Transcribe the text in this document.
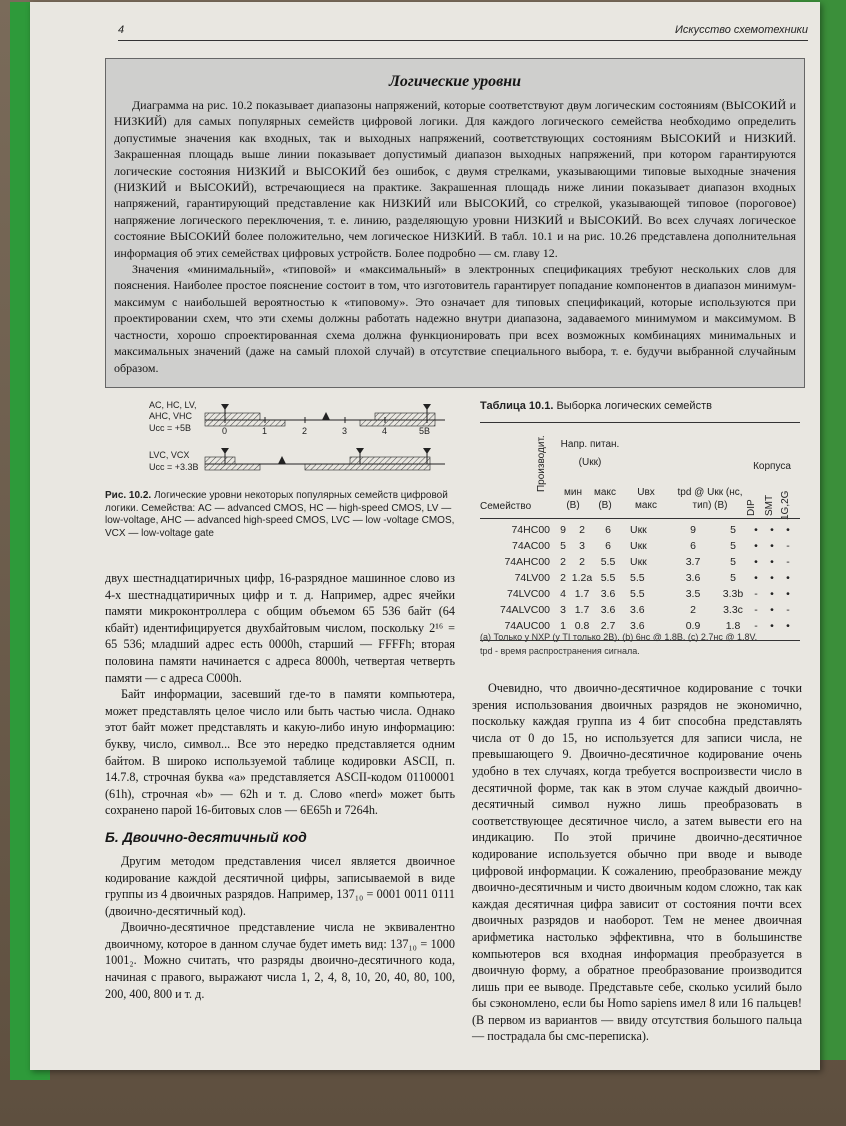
4	Искусство схемотехники
Логические уровни

Диаграмма на рис. 10.2 показывает диапазоны напряжений, которые соответствуют двум логическим состояниям (ВЫСОКИЙ и НИЗКИЙ) для самых популярных семейств цифровой логики. Для каждого логического семейства необходимо определить допустимые значения как входных, так и выходных напряжений, соответствующих состояниям ВЫСОКИЙ и НИЗКИЙ. Закрашенная площадь выше линии показывает допустимый диапазон выходных напряжений, при котором гарантируются логические состояния НИЗКИЙ и ВЫСОКИЙ без ошибок, с двумя стрелками, указывающими типовые выходные значения (НИЗКИЙ и ВЫСОКИЙ), встречающиеся на практике. Закрашенная площадь ниже линии показывает диапазон входных напряжений, гарантирующий представление как НИЗКИЙ или ВЫСОКИЙ, со стрелкой, указывающей типовое (пороговое) напряжение логического переключения, т. е. линию, разделяющую уровни НИЗКИЙ и ВЫСОКИЙ. Во всех случаях логическое состояние ВЫСОКИЙ более положительно, чем логическое НИЗКИЙ. В табл. 10.1 и на рис. 10.26 представлена дополнительная информация об этих семействах цифровых устройств. Более подробно — см. главу 12.

Значения «минимальный», «типовой» и «максимальный» в электронных спецификациях требуют нескольких слов для пояснения. Наиболее простое пояснение состоит в том, что изготовитель гарантирует попадание компонентов в диапазон минимум-максимум с наибольшей вероятностью к «типовому». Это означает для типовых спецификаций, которые используются при проектировании схем, что эти схемы должны работать надежно внутри диапазона, задаваемого минимумом и максимумом. В частности, хорошо спроектированная схема должна функционировать при всех возможных комбинациях минимальных и максимальных значений (даже на самый плохой случай) в отсутствие специального выбора, т. е. будучи выбранной случайным образом.

AC, HC, LV,
AHC, VHC
Ucc = +5В	0	1	2	3	4	5В
LVC, VCX
Ucc = +3.3В
Рис. 10.2. Логические уровни некоторых популярных семейств цифровой логики. Семейства: AC — advanced CMOS, HC — high-speed CMOS, LV — low-voltage, AHC — advanced high-speed CMOS, LVC — low -voltage CMOS, VCX — low-voltage gate
Таблица 10.1. Выборка логических семейств
Производит. Напр. питан.
(Uкк)
мин (В)
макс (В)
Uвх макс
tpd @ Uкк (нс, тип) (В)
Корпуса
DIP SMT 1G,2G
Семейство
74HC00 9	2	6	Uкк	9	5	•	•	•
74AC00 5	3	6	Uкк	6	5	•	•	-
74AHC00 2	2	5.5	Uкк	3.7	5	•	•	-
74LV00 2 1.2a 5.5	5.5	3.6	5	•	•	•
74LVC00 4 1.7	3.6	5.5	3.5	3.3b	-	•	•
74ALVC00 3 1.7	3.6	3.6	2	3.3c	-	•	-
74AUC00 1 0.8	2.7	3.6	0.9	1.8	-	•	•
(а) Только у NXP (у TI только 2В). (b) 6нс @ 1.8В. (c) 2.7нс @ 1.8V.
tpd - время распространения сигнала.

двух шестнадцатиричных цифр, 16-разрядное машинное слово из 4-х шестнадцатиричных цифр и т. д. Например, адрес ячейки памяти микроконтроллера с общим объемом 65 536 байт (64 кбайт) идентифицируется двухбайтовым числом, поскольку 2¹⁶ = 65 536; младший адрес есть 0000h, старший — FFFFh; вторая половина памяти начинается с адреса 8000h, четвертая четверть памяти — с адреса C000h.

Байт информации, засевший где-то в памяти компьютера, может представлять целое число или быть частью числа. Однако этот байт может представлять и какую-либо иную информацию: букву, число, символ... Все это нередко представляется одним байтом. В широко используемой таблице кодировки ASCII, п. 14.7.8, строчная буква «a» представляется ASCII-кодом 01100001 (61h), строчная «b» — 62h и т. д. Слово «nerd» может быть сохранено парой 16-битовых слов — 6E65h и 7264h.

Б. Двоично-десятичный код

Другим методом представления чисел является двоичное кодирование каждой десятичной цифры, записываемой в виде группы из 4 двоичных разрядов. Например, 137₁₀ = 0001 0011 0111 (двоично-десятичный код).

Двоично-десятичное представление числа не эквивалентно двоичному, которое в данном случае будет иметь вид: 137₁₀ = 1000 1001₂. Можно считать, что разряды двоично-десятичного кода, начиная с правого, выражают числа 1, 2, 4, 8, 10, 20, 40, 80, 100, 200, 400, 800 и т. д.

Очевидно, что двоично-десятичное кодирование с точки зрения использования двоичных разрядов не экономично, поскольку каждая группа из 4 бит способна представлять числа от 0 до 15, но используется для записи числа, не превышающего 9. Двоично-десятичное кодирование очень удобно в тех случаях, когда требуется воспроизвести число в десятичной форме, так как в этом случае каждый двоично-десятичный символ нужно лишь преобразовать в соответствующее десятичное число, а затем вывести его на индикацию. По этой причине двоично-десятичное кодирование используется обычно при вводе и выводе цифровой информации. К сожалению, преобразование между двоично-десятичным и чисто двоичным кодом сложно, так как каждая десятичная цифра зависит от состояния почти всех двоичных разрядов и наоборот. Тем не менее двоичная арифметика настолько эффективна, что в большинстве компьютеров вся входная информация преобразуется в двоичную форму, а обратное преобразование производится лишь при ее выводе. Представьте себе, сколько усилий было бы сэкономлено, если бы Homo sapiens имел 8 или 16 пальцев! (В первом из вариантов — ввиду отсутствия большого пальца — пострадала бы смс-переписка).
